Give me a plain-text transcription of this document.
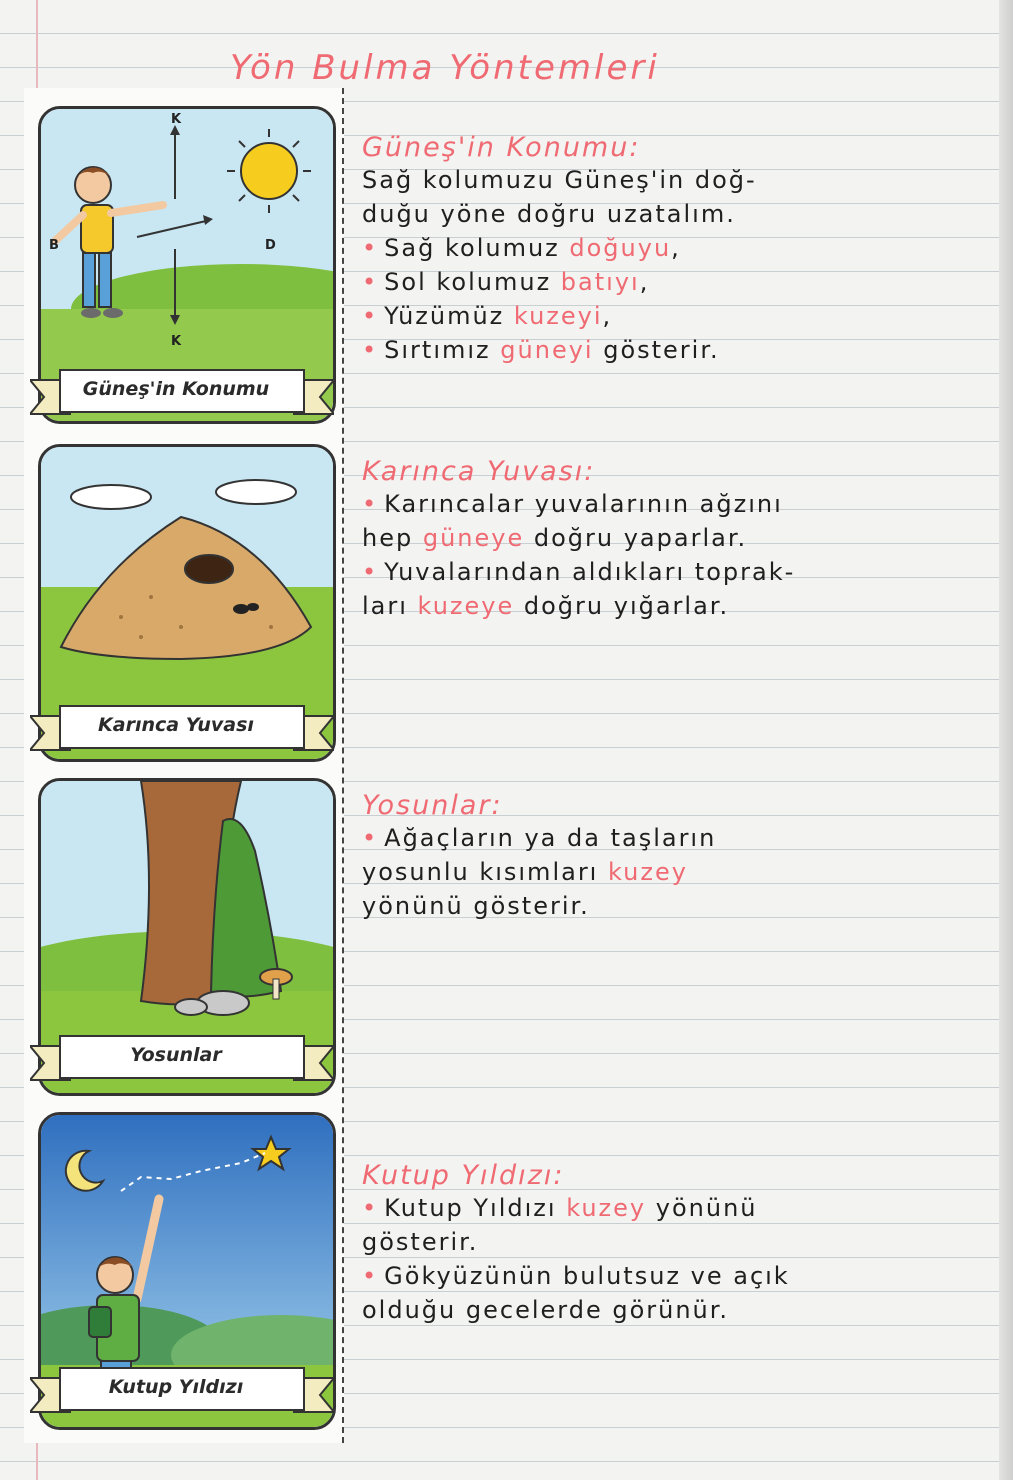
Yön Bulma Yöntemleri
K
K
B	D
Güneş'in Konumu
Karınca Yuvası
Yosunlar
Kutup Yıldızı
Güneş'in Konumu:
Sağ kolumuzu Güneş'in doğ-
duğu yöne doğru uzatalım.
• Sağ kolumuz doğuyu,
• Sol kolumuz batıyı,
• Yüzümüz kuzeyi,
• Sırtımız güneyi gösterir.
Karınca Yuvası:
• Karıncalar yuvalarının ağzını
hep güneye doğru yaparlar.
• Yuvalarından aldıkları toprak-
ları kuzeye doğru yığarlar.
Yosunlar:
• Ağaçların ya da taşların
yosunlu kısımları kuzey
yönünü gösterir.
Kutup Yıldızı:
• Kutup Yıldızı kuzey yönünü
gösterir.
• Gökyüzünün bulutsuz ve açık
olduğu gecelerde görünür.
